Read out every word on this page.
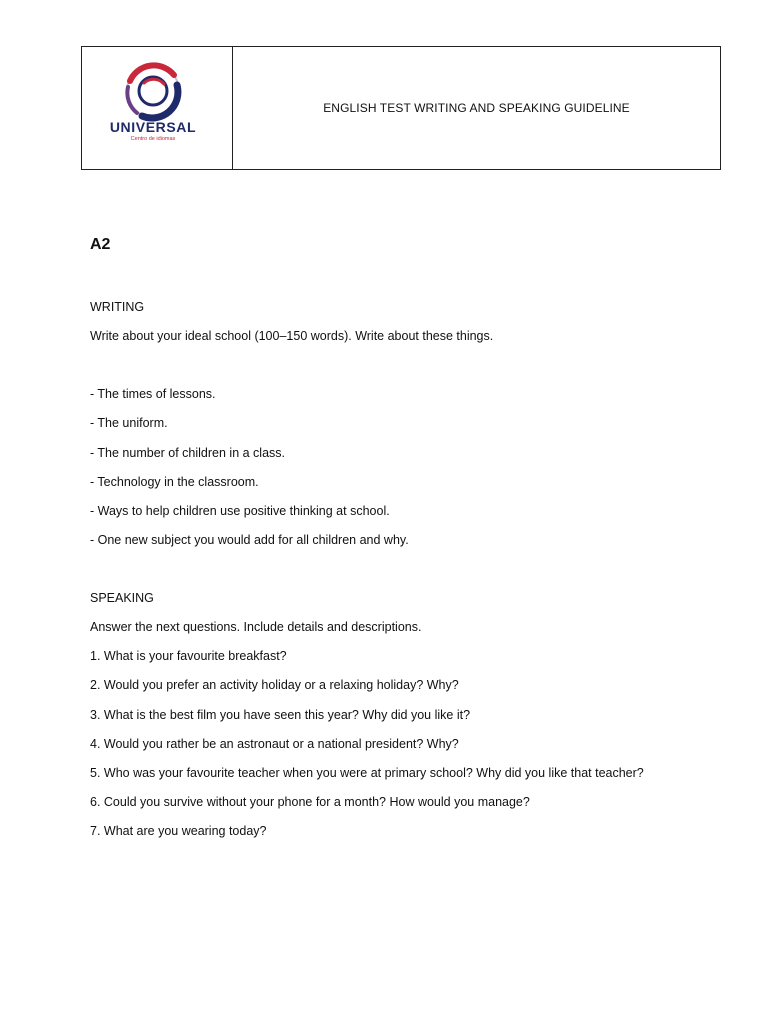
UNIVERSAL
Centro de idiomas
ENGLISH TEST WRITING AND SPEAKING GUIDELINE
A2

WRITING

Write about your ideal school (100–150 words). Write about these things.

- The times of lessons.

- The uniform.

- The number of children in a class.

- Technology in the classroom.

- Ways to help children use positive thinking at school.

- One new subject you would add for all children and why.

SPEAKING

Answer the next questions. Include details and descriptions.

1. What is your favourite breakfast?

2. Would you prefer an activity holiday or a relaxing holiday? Why?

3. What is the best film you have seen this year? Why did you like it?

4. Would you rather be an astronaut or a national president? Why?

5. Who was your favourite teacher when you were at primary school? Why did you like that teacher?

6. Could you survive without your phone for a month? How would you manage?

7. What are you wearing today?
